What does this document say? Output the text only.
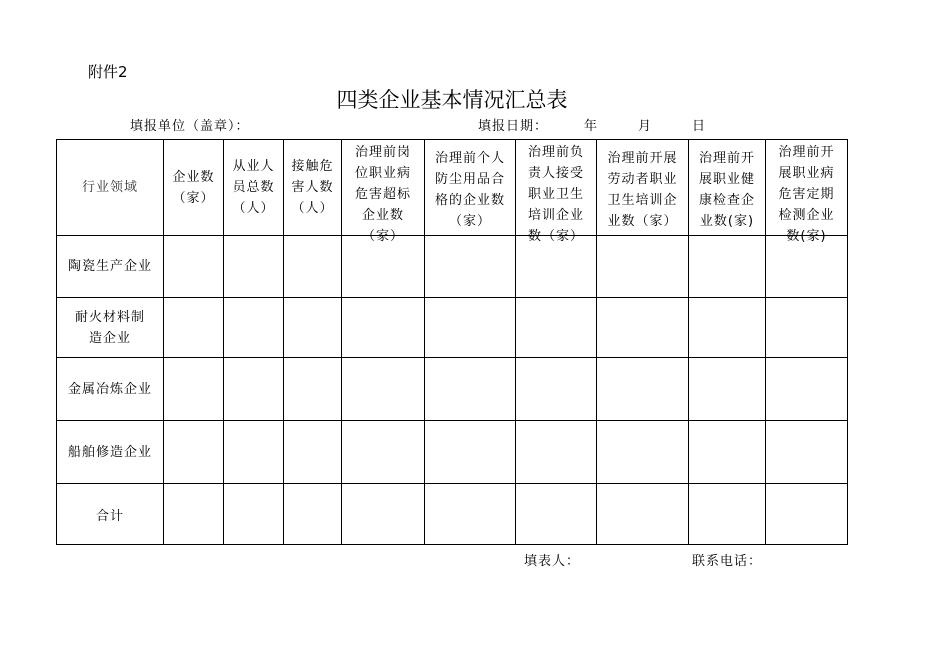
附件2
四类企业基本情况汇总表
填报单位（盖章）：	填报日期：	年	月	日
行业领域	企业数（家）	从业人员总数（人）	接触危害人数（人）	治理前岗位职业病危害超标企业数（家）	治理前个人防尘用品合格的企业数（家）	治理前负责人接受职业卫生培训企业数（家）	治理前开展劳动者职业卫生培训企业数（家）	治理前开展职业健康检查企业数(家)	治理前开展职业病危害定期检测企业数(家)

陶瓷生产企业									
耐火材料制造企业									
金属冶炼企业									
船舶修造企业									
合计									
填表人：	联系电话：
